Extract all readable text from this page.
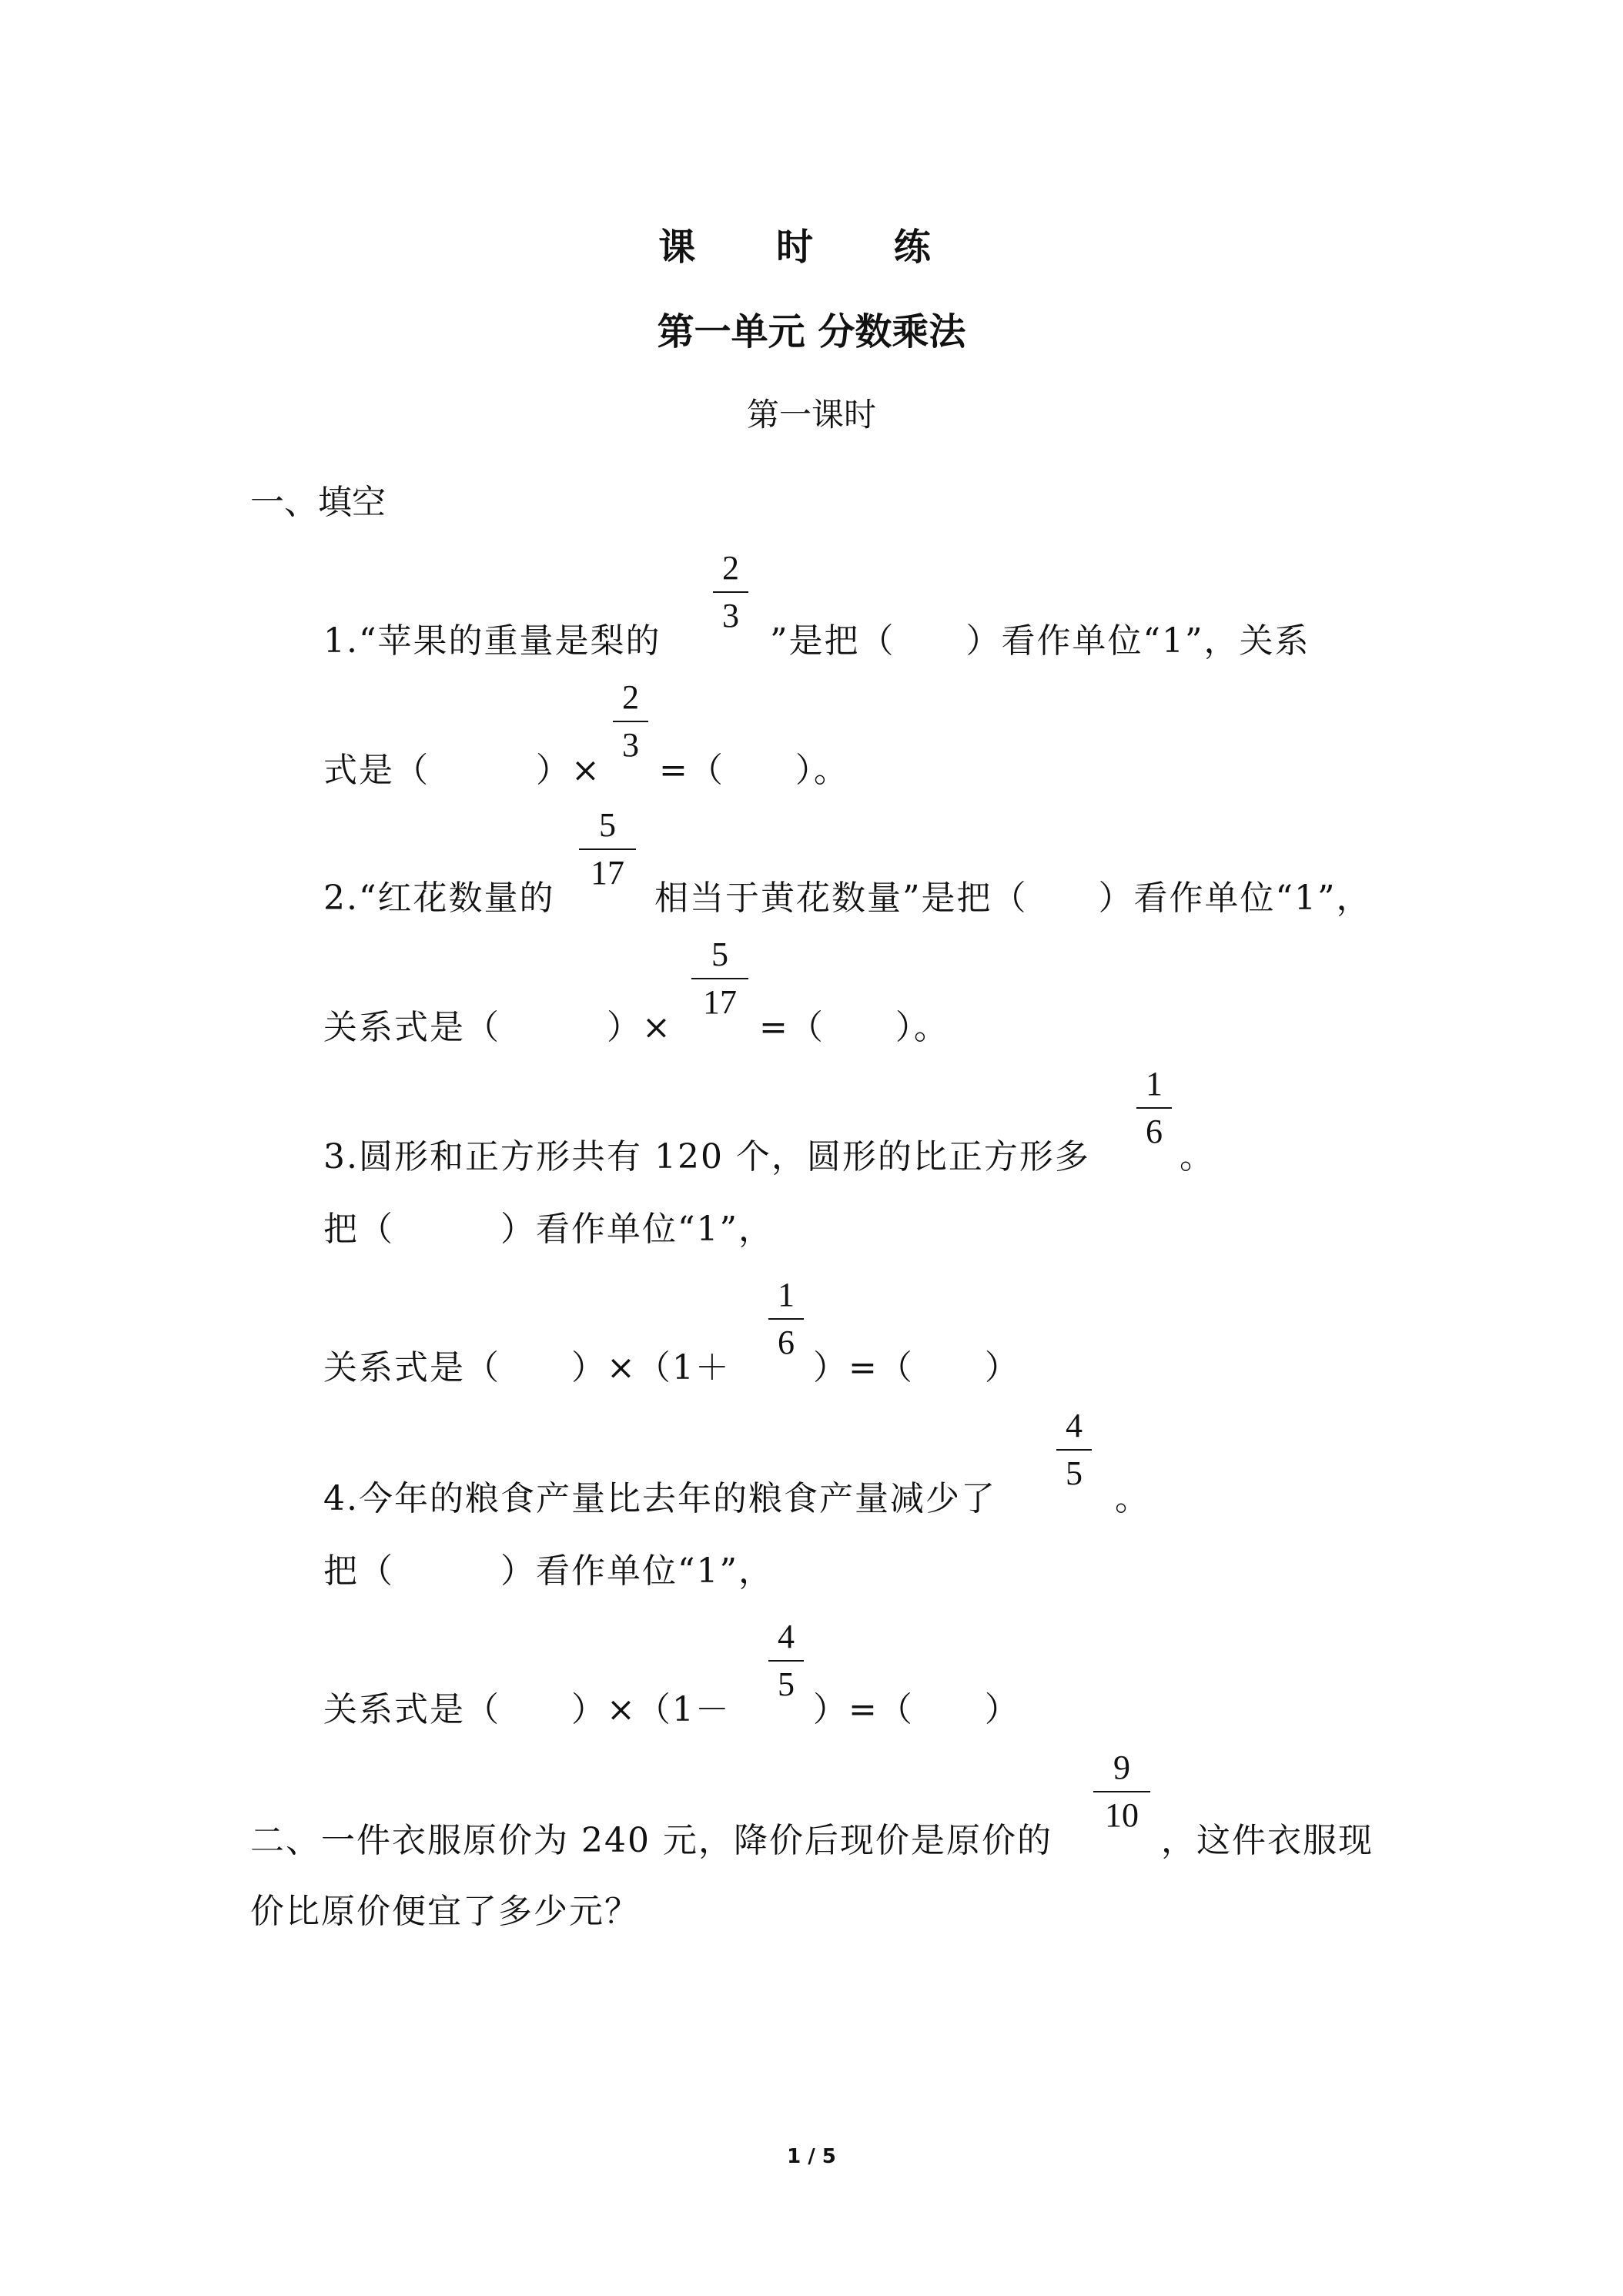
课 时 练
第一单元 分数乘法
第一课时
一、填空
1.“苹果的重量是梨的
2
3
”是把（　　）看作单位“1”，关系
式是（　　　）×
2
3
=（　　）。
2.“红花数量的
5
17
相当于黄花数量”是把（　　）看作单位“1”，
关系式是（　　　）×
5
17
=（　　）。
3.圆形和正方形共有 120 个，圆形的比正方形多
1
6
。
把（　　　）看作单位“1”，
关系式是（　　）×（1＋
1
6
）=（　　）
4.今年的粮食产量比去年的粮食产量减少了
4
5
。
把（　　　）看作单位“1”，
关系式是（　　）×（1－
4
5
）=（　　）
二、一件衣服原价为 240 元，降价后现价是原价的
9
10
，这件衣服现
价比原价便宜了多少元？
1 / 5
